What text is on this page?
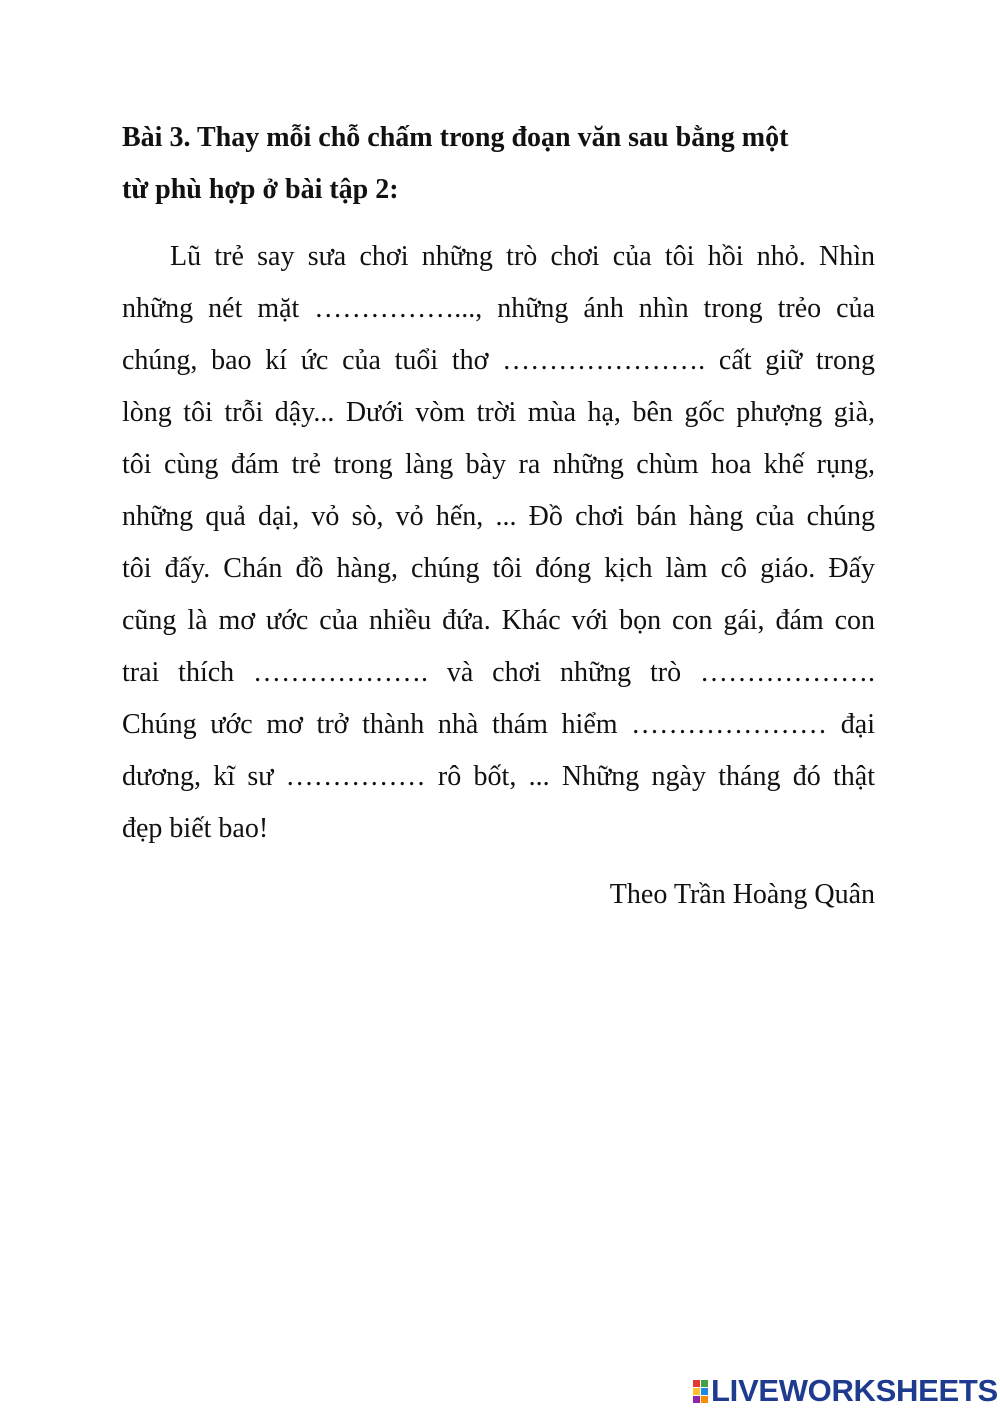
Bài 3. Thay mỗi chỗ chấm trong đoạn văn sau bằng một
từ phù hợp ở bài tập 2:
Lũ trẻ say sưa chơi những trò chơi của tôi hồi nhỏ. Nhìn
những nét mặt ……………..., những ánh nhìn trong trẻo của
chúng, bao kí ức của tuổi thơ …………………. cất giữ trong
lòng tôi trỗi dậy... Dưới vòm trời mùa hạ, bên gốc phượng già,
tôi cùng đám trẻ trong làng bày ra những chùm hoa khế rụng,
những quả dại, vỏ sò, vỏ hến, ... Đồ chơi bán hàng của chúng
tôi đấy. Chán đồ hàng, chúng tôi đóng kịch làm cô giáo. Đấy
cũng là mơ ước của nhiều đứa. Khác với bọn con gái, đám con
trai thích ………………. và chơi những trò ……………….
Chúng ước mơ trở thành nhà thám hiểm ………………… đại
dương, kĩ sư …………… rô bốt, ... Những ngày tháng đó thật
đẹp biết bao!
Theo Trần Hoàng Quân
LIVEWORKSHEETS
